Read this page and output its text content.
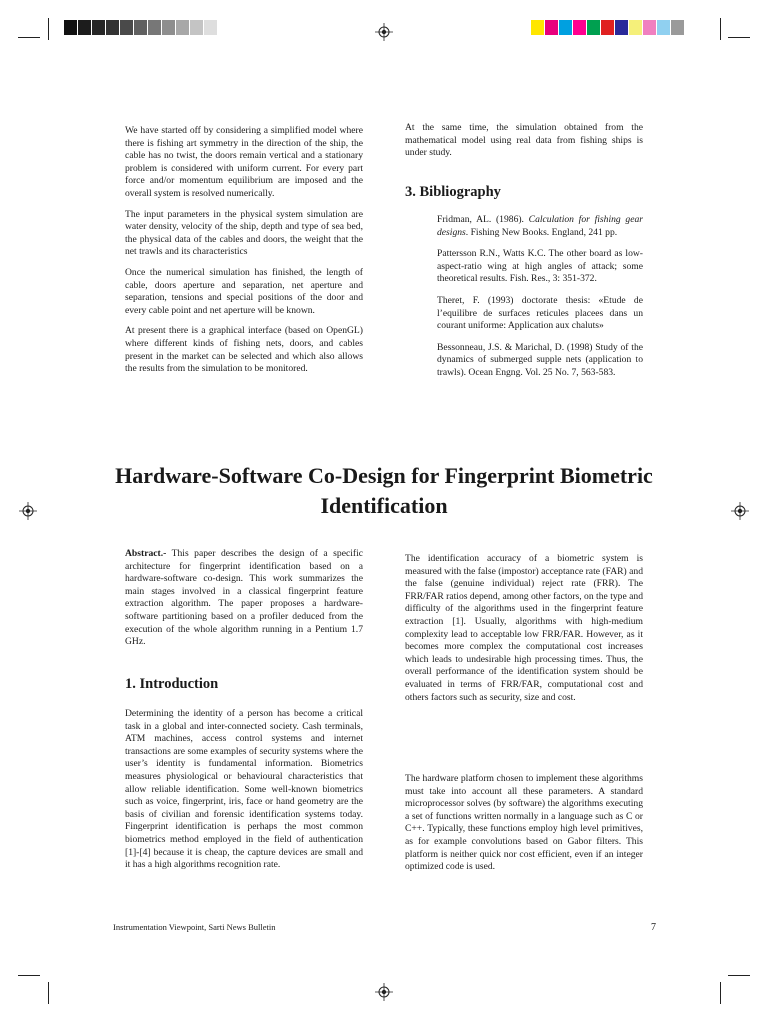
We have started off by considering a simplified model where there is fishing art symmetry in the direction of the ship, the cable has no twist, the doors remain vertical and a stationary problem is considered with uniform current. For every part force and/or momentum equilibrium are imposed and the overall system is resolved numerically.

The input parameters in the physical system simulation are water density, velocity of the ship, depth and type of sea bed, the physical data of the cables and doors, the weight that the net trawls and its characteristics

Once the numerical simulation has finished, the length of cable, doors aperture and separation, net aperture and separation, tensions and special positions of the door and every cable point and net aperture will be known.

At present there is a graphical interface (based on OpenGL) where different kinds of fishing nets, doors, and cables present in the market can be selected and which also allows the results from the simulation to be monitored.

At the same time, the simulation obtained from the mathematical model using real data from fishing ships is under study.

3. Bibliography

Fridman, AL. (1986). Calculation for fishing gear designs. Fishing New Books. England, 241 pp.

Pattersson R.N., Watts K.C. The other board as low-aspect-ratio wing at high angles of attack; some theoretical results. Fish. Res., 3: 351-372.

Theret, F. (1993) doctorate thesis: «Etude de l’equilibre de surfaces reticules placees dans un courant uniforme: Application aux chaluts»

Bessonneau, J.S. & Marichal, D. (1998) Study of the dynamics of submerged supple nets (application to trawls). Ocean Engng. Vol. 25 No. 7, 563-583.

Hardware-Software Co-Design for Fingerprint Biometric Identification

Abstract.- This paper describes the design of a specific architecture for fingerprint identification based on a hardware-software co-design. This work summarizes the main stages involved in a classical fingerprint feature extraction algorithm. The paper proposes a hardware-software partitioning based on a profiler deduced from the execution of the whole algorithm running in a Pentium 1.7 GHz.

1. Introduction

Determining the identity of a person has become a critical task in a global and inter-connected society. Cash terminals, ATM machines, access control systems and internet transactions are some examples of security systems where the user’s identity is fundamental information. Biometrics measures physiological or behavioural characteristics that allow reliable identification. Some well-known biometrics such as voice, fingerprint, iris, face or hand geometry are the basis of civilian and forensic identification systems today. Fingerprint identification is perhaps the most common biometrics method employed in the field of authentication [1]-[4] because it is cheap, the capture devices are small and it has a high algorithms recognition rate.

The identification accuracy of a biometric system is measured with the false (impostor) acceptance rate (FAR) and the false (genuine individual) reject rate (FRR). The FRR/FAR ratios depend, among other factors, on the type and difficulty of the algorithms used in the fingerprint feature extraction [1]. Usually, algorithms with high-medium complexity lead to acceptable low FRR/FAR. However, as it becomes more complex the computational cost increases which leads to undesirable high processing times. Thus, the overall performance of the identification system should be evaluated in terms of FRR/FAR, computational cost and others factors such as security, size and cost.

The hardware platform chosen to implement these algorithms must take into account all these parameters. A standard microprocessor solves (by software) the algorithms executing a set of functions written normally in a language such as C or C++. Typically, these functions employ high level primitives, as for example convolutions based on Gabor filters. This platform is neither quick nor cost efficient, even if an integer optimized code is used.

Instrumentation Viewpoint, Sarti News Bulletin	7
